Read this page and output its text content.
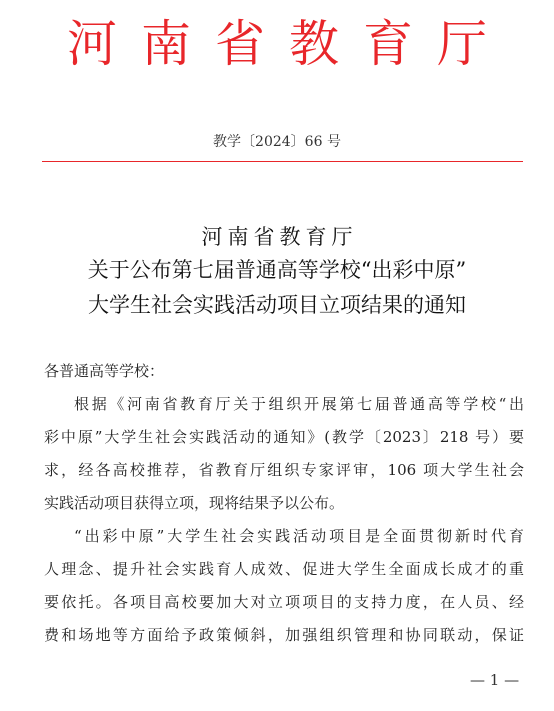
河南省教育厅
教学〔2024〕66 号
河南省教育厅
关于公布第七届普通高等学校“出彩中原”
大学生社会实践活动项目立项结果的通知
各普通高等学校：
根据《河南省教育厅关于组织开展第七届普通高等学校“出
彩中原”大学生社会实践活动的通知》(教学〔2023〕218 号）要
求，经各高校推荐，省教育厅组织专家评审，106 项大学生社会
实践活动项目获得立项，现将结果予以公布。
“出彩中原”大学生社会实践活动项目是全面贯彻新时代育
人理念、提升社会实践育人成效、促进大学生全面成长成才的重
要依托。各项目高校要加大对立项项目的支持力度，在人员、经
费和场地等方面给予政策倾斜，加强组织管理和协同联动，保证
— 1 —
